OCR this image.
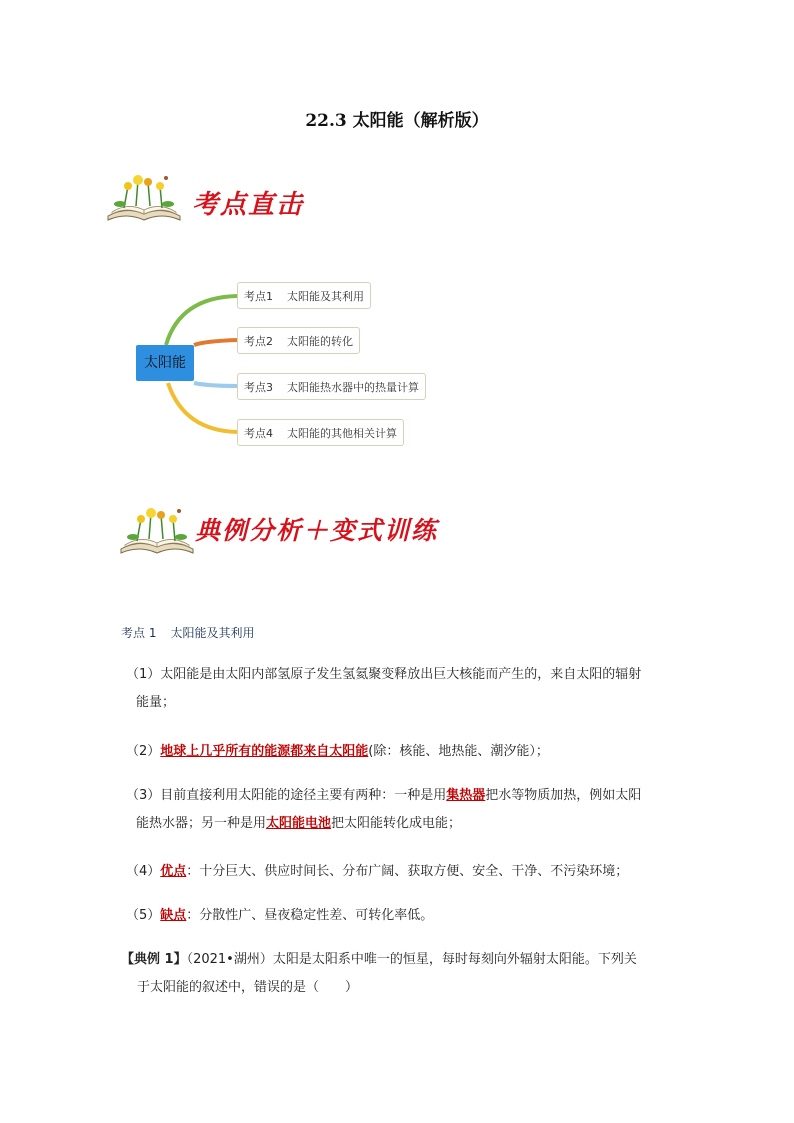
22.3 太阳能（解析版）
考点直击
太阳能
考点1 太阳能及其利用
考点2 太阳能的转化
考点3 太阳能热水器中的热量计算
考点4 太阳能的其他相关计算
典例分析＋变式训练
考点 1 太阳能及其利用
（1）太阳能是由太阳内部氢原子发生氢氦聚变释放出巨大核能而产生的，来自太阳的辐射
能量；
（2）地球上几乎所有的能源都来自太阳能(除：核能、地热能、潮汐能）；
（3）目前直接利用太阳能的途径主要有两种：一种是用集热器把水等物质加热，例如太阳
能热水器；另一种是用太阳能电池把太阳能转化成电能；
（4）优点：十分巨大、供应时间长、分布广阔、获取方便、安全、干净、不污染环境；
（5）缺点：分散性广、昼夜稳定性差、可转化率低。
【典例 1】（2021•湖州）太阳是太阳系中唯一的恒星，每时每刻向外辐射太阳能。下列关
于太阳能的叙述中，错误的是（　　）
